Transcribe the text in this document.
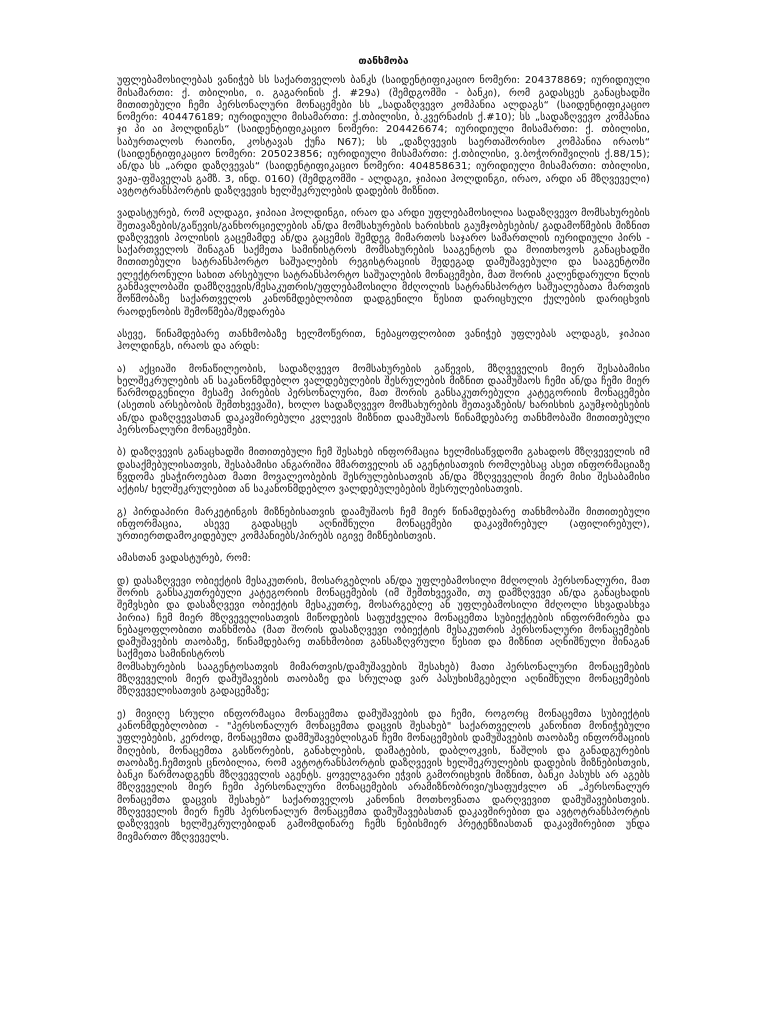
თანხმობა

უფლებამოსილებას ვანიჭებ სს საქართველოს ბანკს (საიდენტიფიკაციო ნომერი: 204378869; იურიდიული მისამართი: ქ. თბილისი, ი. გაგარინის ქ. #29ა) (შემდგომში - ბანკი), რომ გადასცეს განაცხადში მითითებული ჩემი პერსონალური მონაცემები სს „სადაზღვევო კომპანია ალდაგს“ (საიდენტიფიკაციო ნომერი: 404476189; იურიდიული მისამართი: ქ.თბილისი, ბ.კვერნაძის ქ.#10); სს „სადაზღვევო კომპანია ჯი პი აი ჰოლდინგს“ (საიდენტიფიკაციო ნომერი: 204426674; იურიდიული მისამართი: ქ. თბილისი, საბურთალოს რაიონი, კოსტავას ქუჩა N67); სს „დაზღვევის საერთაშორისო კომპანია ირაოს“ (საიდენტიფიკაციო ნომერი: 205023856; იურიდიული მისამართი: ქ.თბილისი, ვ.ბოჭორიშვილის ქ.88/15); ან/და სს „არდი დაზღვევას“ (საიდენტიფიკაციო ნომერი: 404858631; იურიდიული მისამართი: თბილისი, ვაჟა-ფშაველას გამზ. 3, ინდ. 0160) (შემდგომში - ალდაგი, ჯიპიაი ჰოლდინგი, ირაო, არდი ან მზღვეველი) ავტოტრანსპორტის დაზღვევის ხელშეკრულების დადების მიზნით.

ვადასტურებ, რომ ალდაგი, ჯიპიაი ჰოლდინგი, ირაო და არდი უფლებამოსილია სადაზღვევო მომსახურების შეთავაზების/გაწევის/განხორციელების ან/და მომსახურების ხარისხის გაუმჯობესების/ გადამოწმების მიზნით დაზღვევის პოლისის გაცემამდე ან/და გაცემის შემდეგ მიმართოს საჯარო სამართლის იურიდიული პირს - საქართველოს შინაგან საქმეთა სამინისტროს მომსახურების სააგენტოს და მოითხოვოს განაცხადში მითითებული სატრანსპორტო საშუალების რეგისტრაციის შედეგად დამუშავებული და სააგენტოში ელექტრონული სახით არსებული სატრანსპორტო საშუალების მონაცემები, მათ შორის კალენდარული წლის განმავლობაში დამზღვევის/მესაკუთრის/უფლებამოსილი მძღოლის სატრანსპორტო საშუალებათა მართვის მოწმობაზე საქართველოს კანონმდებლობით დადგენილი წესით დარიცხული ქულების დარიცხვის რაოდენობის შემოწმება/შედარება

ასევე, წინამდებარე თანხმობაზე ხელმოწერით, ნებაყოფლობით ვანიჭებ უფლებას ალდაგს, ჯიპიაი ჰოლდინგს, ირაოს და არდს:

ა) აქციაში მონაწილეობის, სადაზღვევო მომსახურების გაწევის, მზღვეველის მიერ შესაბამისი ხელშეკრულების ან საკანონმდებლო ვალდებულების შესრულების მიზნით დაამუშაოს ჩემი ან/და ჩემი მიერ წარმოდგენილი მესამე პირების პერსონალური, მათ შორის განსაკუთრებული კატეგორიის მონაცემები (ასეთის არსებობის შემთხვევაში), ხოლო სადაზღვევო მომსახურების შეთავაზების/ ხარისხის გაუმჯობესების ან/და დაზღვევასთან დაკავშირებული კვლევის მიზნით დაამუშაოს წინამდებარე თანხმობაში მითითებული პერსონალური მონაცემები.

ბ) დაზღვევის განაცხადში მითითებული ჩემ შესახებ ინფორმაცია ხელმისაწვდომი გახადოს მზღვეველის იმ დასაქმებულისათვის, შესაბამისი ანგარიშია მმართველის ან აგენტისათვის რომლებსაც ასეთ ინფორმაციაზე წვდომა ესაჭიროებათ მათი მოვალეობების შესრულებისათვის ან/და მზღვეველის მიერ მისი შესაბამისი აქტის/ ხელშეკრულებით ან საკანონმდებლო ვალდებულებების შესრულებისათვის.

გ) პირდაპირი მარკეტინგის მიზნებისათვის დაამუშაოს ჩემ მიერ წინამდებარე თანხმობაში მითითებული ინფორმაცია, ასევე გადასცეს აღნიშნული მონაცემები დაკავშირებულ (აფილირებულ), ურთიერთდამოკიდებულ კომპანიებს/პირებს იგივე მიზნებისთვის.

ამასთან ვადასტურებ, რომ:

დ) დასაზღვევი ობიექტის მესაკუთრის, მოსარგებლის ან/და უფლებამოსილი მძღოლის პერსონალური, მათ შორის განსაკუთრებული კატეგორიის მონაცემების (იმ შემთხვევაში, თუ დამზღვევი ან/და განაცხადის შემვსები და დასაზღვევი ობიექტის მესაკუთრე, მოსარგებლე ან უფლებამოსილი მძღოლი სხვადასხვა პირია) ჩემ მიერ მზღვეველისათვის მიწოდების საფუძველია მონაცემთა სუბიექტების ინფორმირება და ნებაყოფლობითი თანხმობა (მათ შორის დასაზღვევი ობიექტის მესაკუთრის პერსონალური მონაცემების დამუშავების თაობაზე, წინამდებარე თანხმობით განსაზღვრული წესით და მიზნით აღნიშნული შინაგან საქმეთა სამინისტროს

მომსახურების სააგენტოსათვის მიმართვის/დამუშავების შესახებ) მათი პერსონალური მონაცემების მზღვეველის მიერ დამუშავების თაობაზე და სრულად ვარ პასუხისმგებელი აღნიშნული მონაცემების მზღვეველისათვის გადაცემაზე;

ე) მივიღე სრული ინფორმაცია მონაცემთა დამუშავების და ჩემი, როგორც მონაცემთა სუბიექტის კანონმდებლობით - "პერსონალურ მონაცემთა დაცვის შესახებ" საქართველოს კანონით მონიჭებული უფლებების, კერძოდ, მონაცემთა დამმუშავებლისგან ჩემი მონაცემების დამუშავების თაობაზე ინფორმაციის მიღების, მონაცემთა გასწორების, განახლების, დამატების, დაბლოკვის, წაშლის და განადგურების თაობაზე.ჩემთვის ცნობილია, რომ ავტოტრანსპორტის დაზღვევის ხელშეკრულების დადების მიზნებისთვის, ბანკი წარმოადგენს მზღვეველის აგენტს. ყოველგვარი ეჭვის გამორიცხვის მიზნით, ბანკი პასუხს არ აგებს მზღვეველის მიერ ჩემი პერსონალური მონაცემების არამიზნობრივი/უსაფუძვლო ან „პერსონალურ მონაცემთა დაცვის შესახებ“ საქართველოს კანონის მოთხოვნათა დარღვევით დამუშავებისთვის. მზღვეველის მიერ ჩემს პერსონალურ მონაცემთა დამუშავებასთან დაკავშირებით და ავტოტრანსპორტის დაზღვევის ხელშეკრულებიდან გამომდინარე ჩემს ნებისმიერ პრეტენზიასთან დაკავშირებით უნდა მივმართო მზღვეველს.
